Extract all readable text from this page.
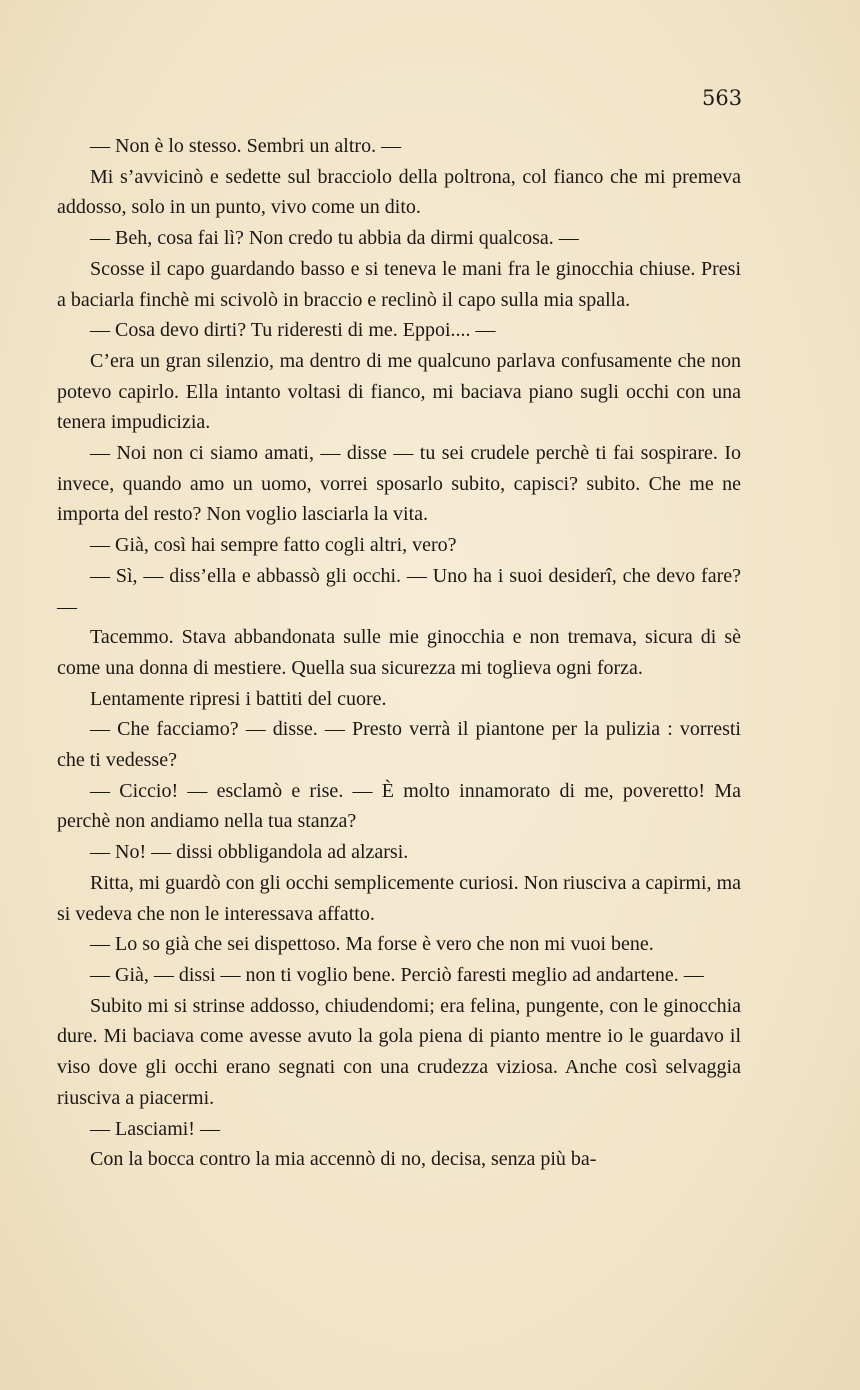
563

— Non è lo stesso. Sembri un altro. —

Mi s’avvicinò e sedette sul bracciolo della poltrona, col fianco che mi premeva addosso, solo in un punto, vivo come un dito.

— Beh, cosa fai lì? Non credo tu abbia da dirmi qualcosa. —

Scosse il capo guardando basso e si teneva le mani fra le ginocchia chiuse. Presi a baciarla finchè mi scivolò in braccio e reclinò il capo sulla mia spalla.

— Cosa devo dirti? Tu rideresti di me. Eppoi.... —

C’era un gran silenzio, ma dentro di me qualcuno parlava confusamente che non potevo capirlo. Ella intanto voltasi di fianco, mi baciava piano sugli occhi con una tenera impudicizia.

— Noi non ci siamo amati, — disse — tu sei crudele perchè ti fai sospirare. Io invece, quando amo un uomo, vorrei sposarlo subito, capisci? subito. Che me ne importa del resto? Non voglio lasciarla la vita.

— Già, così hai sempre fatto cogli altri, vero?

— Sì, — diss’ella e abbassò gli occhi. — Uno ha i suoi desiderî, che devo fare? —

Tacemmo. Stava abbandonata sulle mie ginocchia e non tremava, sicura di sè come una donna di mestiere. Quella sua sicurezza mi toglieva ogni forza.

Lentamente ripresi i battiti del cuore.

— Che facciamo? — disse. — Presto verrà il piantone per la pulizia : vorresti che ti vedesse?

— Ciccio! — esclamò e rise. — È molto innamorato di me, poveretto! Ma perchè non andiamo nella tua stanza?

— No! — dissi obbligandola ad alzarsi.

Ritta, mi guardò con gli occhi semplicemente curiosi. Non riusciva a capirmi, ma si vedeva che non le interessava affatto.

— Lo so già che sei dispettoso. Ma forse è vero che non mi vuoi bene.

— Già, — dissi — non ti voglio bene. Perciò faresti meglio ad andartene. —

Subito mi si strinse addosso, chiudendomi; era felina, pungente, con le ginocchia dure. Mi baciava come avesse avuto la gola piena di pianto mentre io le guardavo il viso dove gli occhi erano segnati con una crudezza viziosa. Anche così selvaggia riusciva a piacermi.

— Lasciami! —

Con la bocca contro la mia accennò di no, decisa, senza più ba-
